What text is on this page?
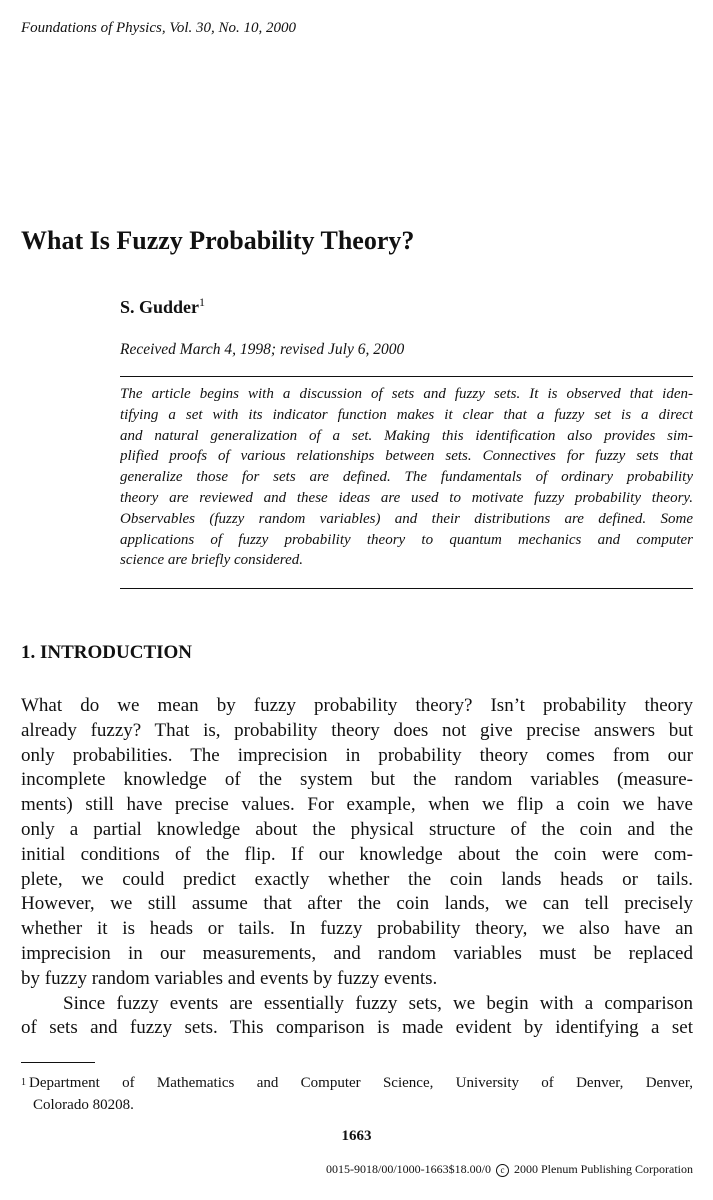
Foundations of Physics, Vol. 30, No. 10, 2000
What Is Fuzzy Probability Theory?
S. Gudder$^1$
Received March 4, 1998; revised July 6, 2000
The article begins with a discussion of sets and fuzzy sets. It is observed that iden-
tifying a set with its indicator function makes it clear that a fuzzy set is a direct
and natural generalization of a set. Making this identification also provides sim-
plified proofs of various relationships between sets. Connectives for fuzzy sets that
generalize those for sets are defined. The fundamentals of ordinary probability
theory are reviewed and these ideas are used to motivate fuzzy probability theory.
Observables (fuzzy random variables) and their distributions are defined. Some
applications of fuzzy probability theory to quantum mechanics and computer
science are briefly considered.
1. INTRODUCTION
What do we mean by fuzzy probability theory? Isn’t probability theory
already fuzzy? That is, probability theory does not give precise answers but
only probabilities. The imprecision in probability theory comes from our
incomplete knowledge of the system but the random variables (measure-
ments) still have precise values. For example, when we flip a coin we have
only a partial knowledge about the physical structure of the coin and the
initial conditions of the flip. If our knowledge about the coin were com-
plete, we could predict exactly whether the coin lands heads or tails.
However, we still assume that after the coin lands, we can tell precisely
whether it is heads or tails. In fuzzy probability theory, we also have an
imprecision in our measurements, and random variables must be replaced
by fuzzy random variables and events by fuzzy events.
Since fuzzy events are essentially fuzzy sets, we begin with a comparison
of sets and fuzzy sets. This comparison is made evident by identifying a set
$^1$ Department of Mathematics and Computer Science, University of Denver, Denver,
Colorado 80208.
1663
0015-9018/00/1000-1663$18.00/0 c 2000 Plenum Publishing Corporation
